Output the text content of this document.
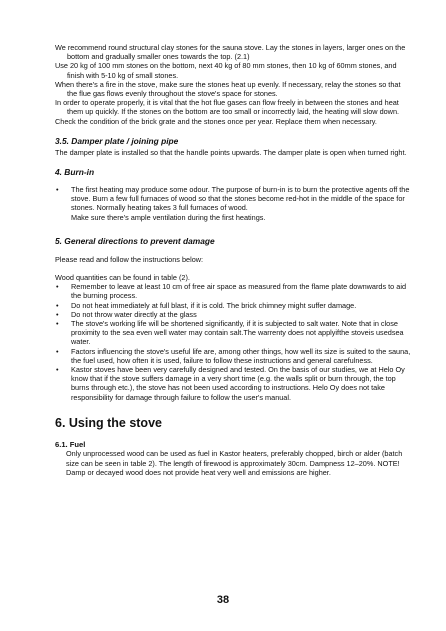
We recommend round structural clay stones for the sauna stove. Lay the stones in layers, larger ones on the bottom and gradually smaller ones towards the top. (2.1)

Use 20 kg of 100 mm stones on the bottom, next 40 kg of 80 mm stones, then 10 kg of 60mm stones, and finish with 5-10 kg of small stones.

When there's a fire in the stove, make sure the stones heat up evenly. If necessary, relay the stones so that the flue gas flows evenly throughout the stove's space for stones.

In order to operate properly, it is vital that the hot flue gases can flow freely in between the stones and heat them up quickly. If the stones on the bottom are too small or incorrectly laid, the heating will slow down.

Check the condition of the brick grate and the stones once per year. Replace them when necessary.

3.5. Damper plate / joining pipe

The damper plate is installed so that the handle points upwards. The damper plate is open when turned right.

4. Burn-in
• The first heating may produce some odour. The purpose of burn-in is to burn the protective agents off the stove. Burn a few full furnaces of wood so that the stones become red-hot in the middle of the space for stones. Normally heating takes 3 full furnaces of wood.

Make sure there's ample ventilation during the first heatings.

5. General directions to prevent damage

Please read and follow the instructions below:

Wood quantities can be found in table (2).

• Remember to leave at least 10 cm of free air space as measured from the flame plate downwards to aid the burning process.
• Do not heat immediately at full blast, if it is cold. The brick chimney might suffer damage.
• Do not throw water directly at the glass
• The stove's working life will be shortened significantly, if it is subjected to salt water. Note that in close proximity to the sea even well water may contain salt.The warrenty does not applyifthe stoveis usedsea water.
• Factors influencing the stove's useful life are, among other things, how well its size is suited to the sauna, the fuel used, how often it is used, failure to follow these instructions and general carefulness.
• Kastor stoves have been very carefully designed and tested. On the basis of our studies, we at Helo Oy know that if the stove suffers damage in a very short time (e.g. the walls split or burn through, the top burns through etc.), the stove has not been used according to instructions. Helo Oy does not take responsibility for damage through failure to follow the user's manual.
6. Using the stove
6.1. Fuel

Only unprocessed wood can be used as fuel in Kastor heaters, preferably chopped, birch or alder (batch size can be seen in table 2). The length of firewood is approximately 30cm. Dampness 12–20%. NOTE! Damp or decayed wood does not provide heat very well and emissions are higher.

38
